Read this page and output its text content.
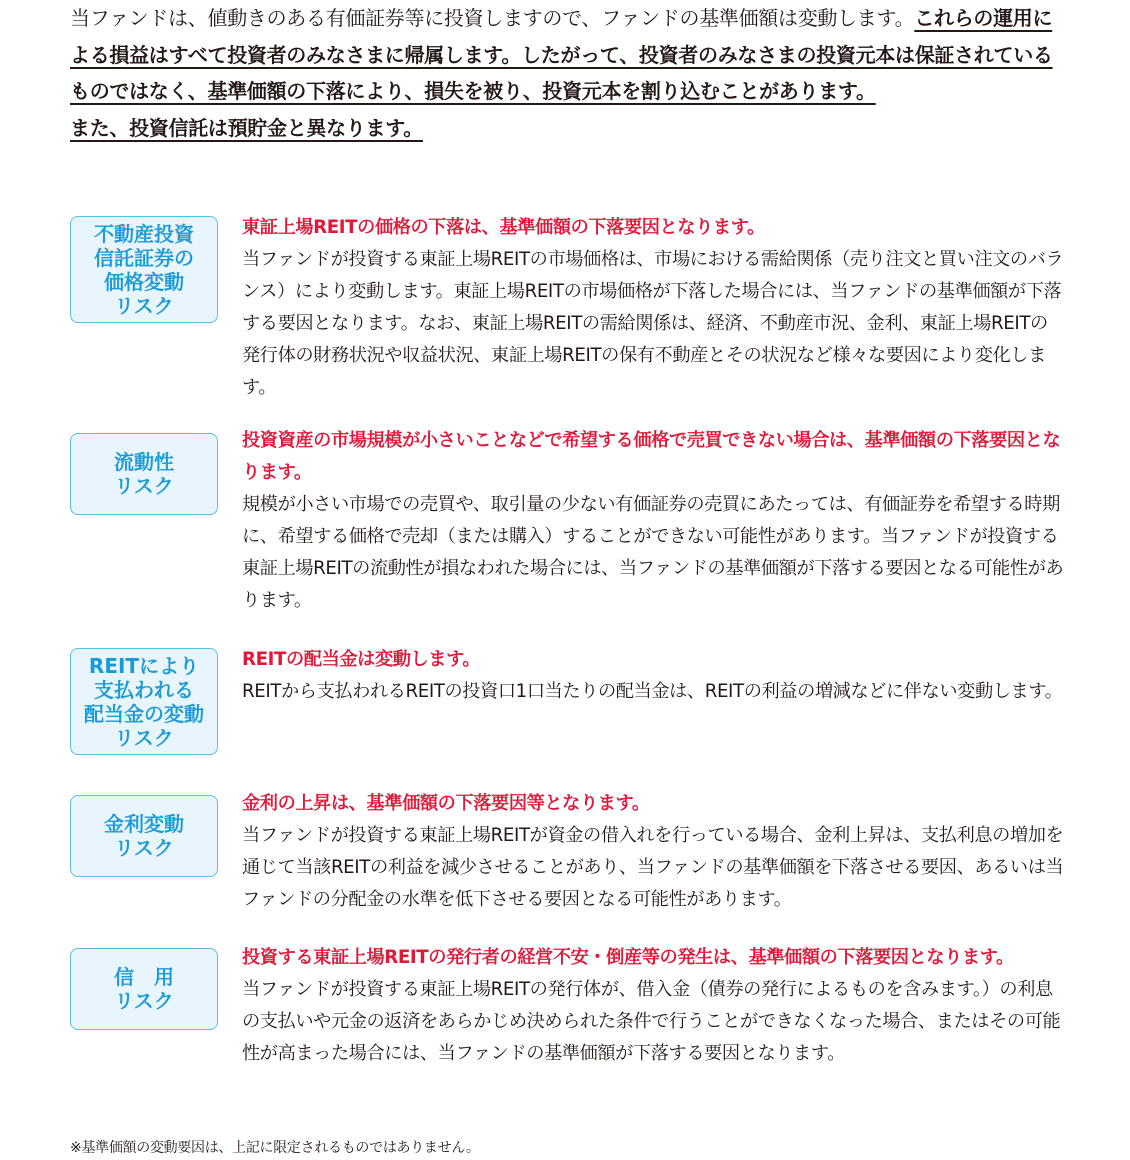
当ファンドは、値動きのある有価証券等に投資しますので、ファンドの基準価額は変動します。これらの運用による損益はすべて投資者のみなさまに帰属します。したがって、投資者のみなさまの投資元本は保証されているものではなく、基準価額の下落により、損失を被り、投資元本を割り込むことがあります。

また、投資信託は預貯金と異なります。

不動産投資
信託証券の
価格変動
リスク

東証上場REITの価格の下落は、基準価額の下落要因となります。

当ファンドが投資する東証上場REITの市場価格は、市場における需給関係（売り注文と買い注文のバランス）により変動します。東証上場REITの市場価格が下落した場合には、当ファンドの基準価額が下落する要因となります。なお、東証上場REITの需給関係は、経済、不動産市況、金利、東証上場REITの発行体の財務状況や収益状況、東証上場REITの保有不動産とその状況など様々な要因により変化します。

流動性
リスク

投資資産の市場規模が小さいことなどで希望する価格で売買できない場合は、基準価額の下落要因となります。

規模が小さい市場での売買や、取引量の少ない有価証券の売買にあたっては、有価証券を希望する時期に、希望する価格で売却（または購入）することができない可能性があります。当ファンドが投資する東証上場REITの流動性が損なわれた場合には、当ファンドの基準価額が下落する要因となる可能性があります。

REITにより
支払われる
配当金の変動
リスク

REITの配当金は変動します。

REITから支払われるREITの投資口1口当たりの配当金は、REITの利益の増減などに伴ない変動します。

金利変動
リスク

金利の上昇は、基準価額の下落要因等となります。

当ファンドが投資する東証上場REITが資金の借入れを行っている場合、金利上昇は、支払利息の増加を通じて当該REITの利益を減少させることがあり、当ファンドの基準価額を下落させる要因、あるいは当ファンドの分配金の水準を低下させる要因となる可能性があります。

信　用
リスク

投資する東証上場REITの発行者の経営不安・倒産等の発生は、基準価額の下落要因となります。

当ファンドが投資する東証上場REITの発行体が、借入金（債券の発行によるものを含みます。）の利息の支払いや元金の返済をあらかじめ決められた条件で行うことができなくなった場合、またはその可能性が高まった場合には、当ファンドの基準価額が下落する要因となります。

※基準価額の変動要因は、上記に限定されるものではありません。
